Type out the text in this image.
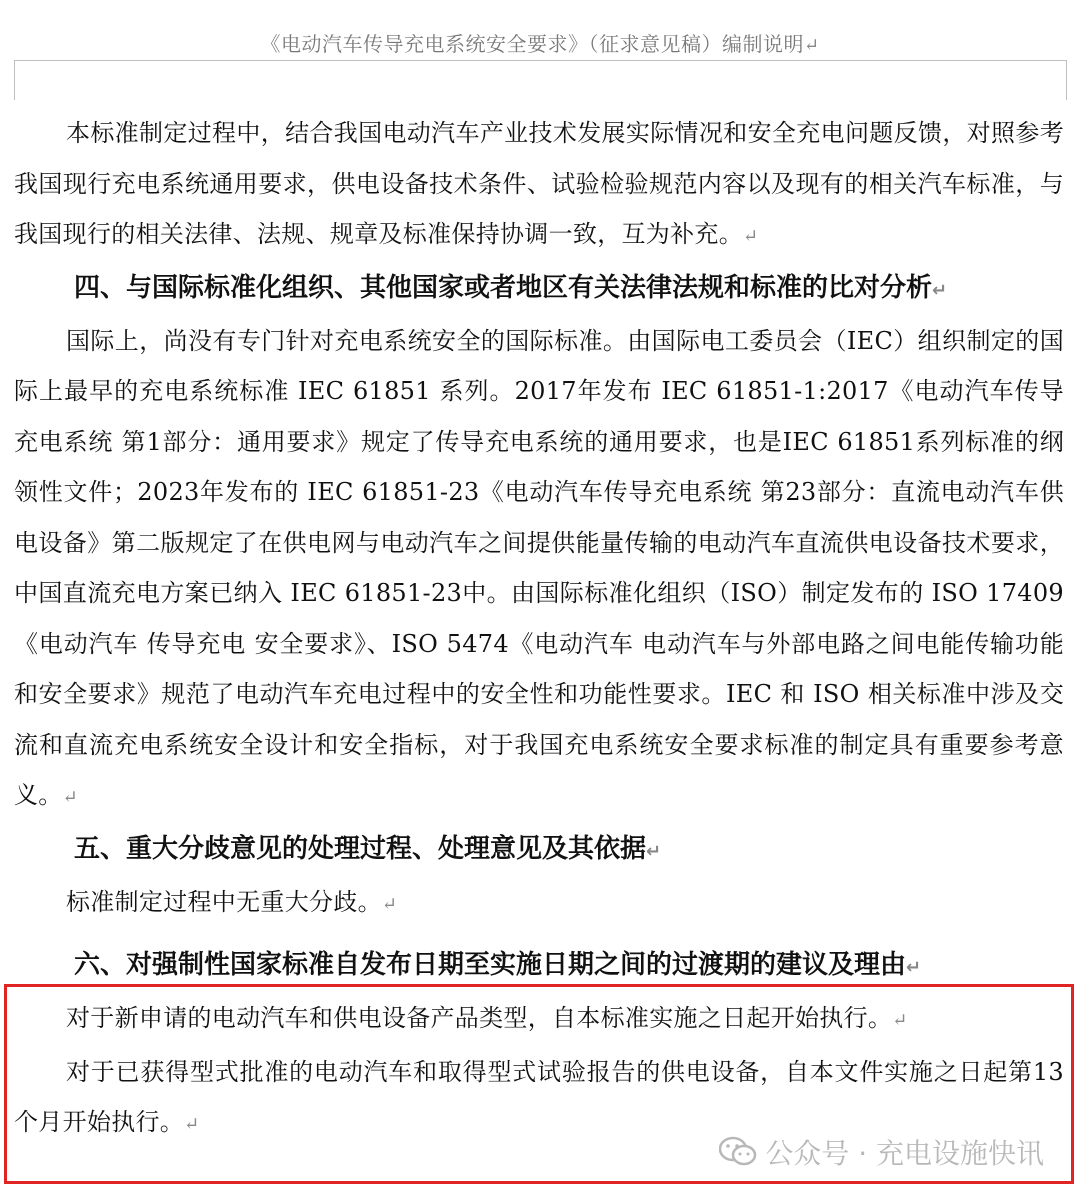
《电动汽车传导充电系统安全要求》（征求意见稿）编制说明↵

本标准制定过程中，结合我国电动汽车产业技术发展实际情况和安全充电问题反馈，对照参考我国现行充电系统通用要求，供电设备技术条件、试验检验规范内容以及现有的相关汽车标准，与我国现行的相关法律、法规、规章及标准保持协调一致，互为补充。↵

四、与国际标准化组织、其他国家或者地区有关法律法规和标准的比对分析↵

国际上，尚没有专门针对充电系统安全的国际标准。由国际电工委员会（IEC）组织制定的国际上最早的充电系统标准 IEC 61851 系列。2017年发布 IEC 61851-1:2017《电动汽车传导充电系统 第1部分：通用要求》规定了传导充电系统的通用要求，也是IEC 61851系列标准的纲领性文件；2023年发布的 IEC 61851-23《电动汽车传导充电系统 第23部分：直流电动汽车供电设备》第二版规定了在供电网与电动汽车之间提供能量传输的电动汽车直流供电设备技术要求，中国直流充电方案已纳入 IEC 61851-23中。由国际标准化组织（ISO）制定发布的 ISO 17409《电动汽车 传导充电 安全要求》、ISO 5474《电动汽车 电动汽车与外部电路之间电能传输功能和安全要求》规范了电动汽车充电过程中的安全性和功能性要求。IEC 和 ISO 相关标准中涉及交流和直流充电系统安全设计和安全指标，对于我国充电系统安全要求标准的制定具有重要参考意义。↵

五、重大分歧意见的处理过程、处理意见及其依据↵

标准制定过程中无重大分歧。↵

六、对强制性国家标准自发布日期至实施日期之间的过渡期的建议及理由↵

对于新申请的电动汽车和供电设备产品类型，自本标准实施之日起开始执行。↵

对于已获得型式批准的电动汽车和取得型式试验报告的供电设备，自本文件实施之日起第13个月开始执行。↵

公众号 · 充电设施快讯
